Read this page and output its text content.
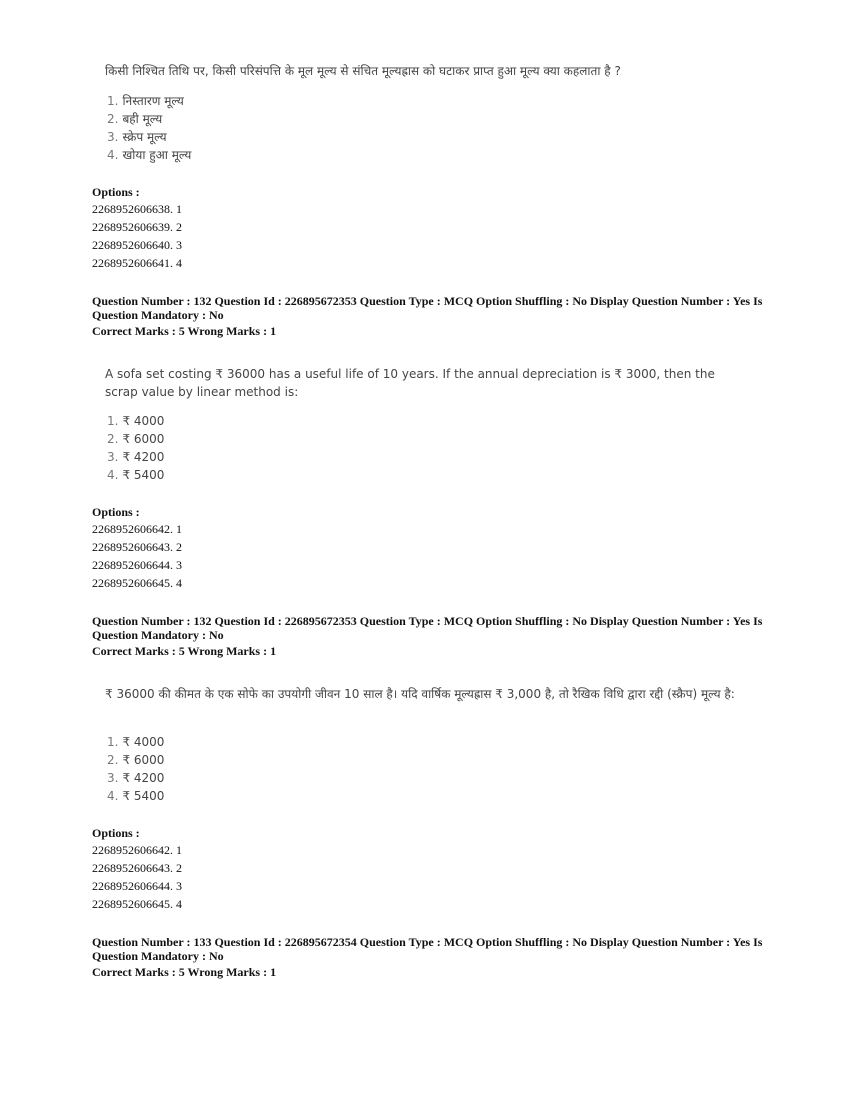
किसी निश्चित तिथि पर, किसी परिसंपत्ति के मूल मूल्य से संचित मूल्यह्रास को घटाकर प्राप्त हुआ मूल्य क्या कहलाता है ?

1. निस्तारण मूल्य
2. बही मूल्य
3. स्क्रेप मूल्य
4. खोया हुआ मूल्य
Options :
2268952606638. 1
2268952606639. 2
2268952606640. 3
2268952606641. 4

Question Number : 132 Question Id : 226895672353 Question Type : MCQ Option Shuffling : No Display Question Number : Yes Is Question Mandatory : No

Correct Marks : 5 Wrong Marks : 1

A sofa set costing ₹ 36000 has a useful life of 10 years. If the annual depreciation is ₹ 3000, then the scrap value by linear method is:

1. ₹ 4000
2. ₹ 6000
3. ₹ 4200
4. ₹ 5400
Options :
2268952606642. 1
2268952606643. 2
2268952606644. 3
2268952606645. 4

Question Number : 132 Question Id : 226895672353 Question Type : MCQ Option Shuffling : No Display Question Number : Yes Is Question Mandatory : No

Correct Marks : 5 Wrong Marks : 1

₹ 36000 की कीमत के एक सोफे का उपयोगी जीवन 10 साल है। यदि वार्षिक मूल्यह्रास ₹ 3,000 है, तो रैखिक विधि द्वारा रद्दी (स्क्रैप) मूल्य है:

1. ₹ 4000
2. ₹ 6000
3. ₹ 4200
4. ₹ 5400
Options :
2268952606642. 1
2268952606643. 2
2268952606644. 3
2268952606645. 4

Question Number : 133 Question Id : 226895672354 Question Type : MCQ Option Shuffling : No Display Question Number : Yes Is Question Mandatory : No

Correct Marks : 5 Wrong Marks : 1
